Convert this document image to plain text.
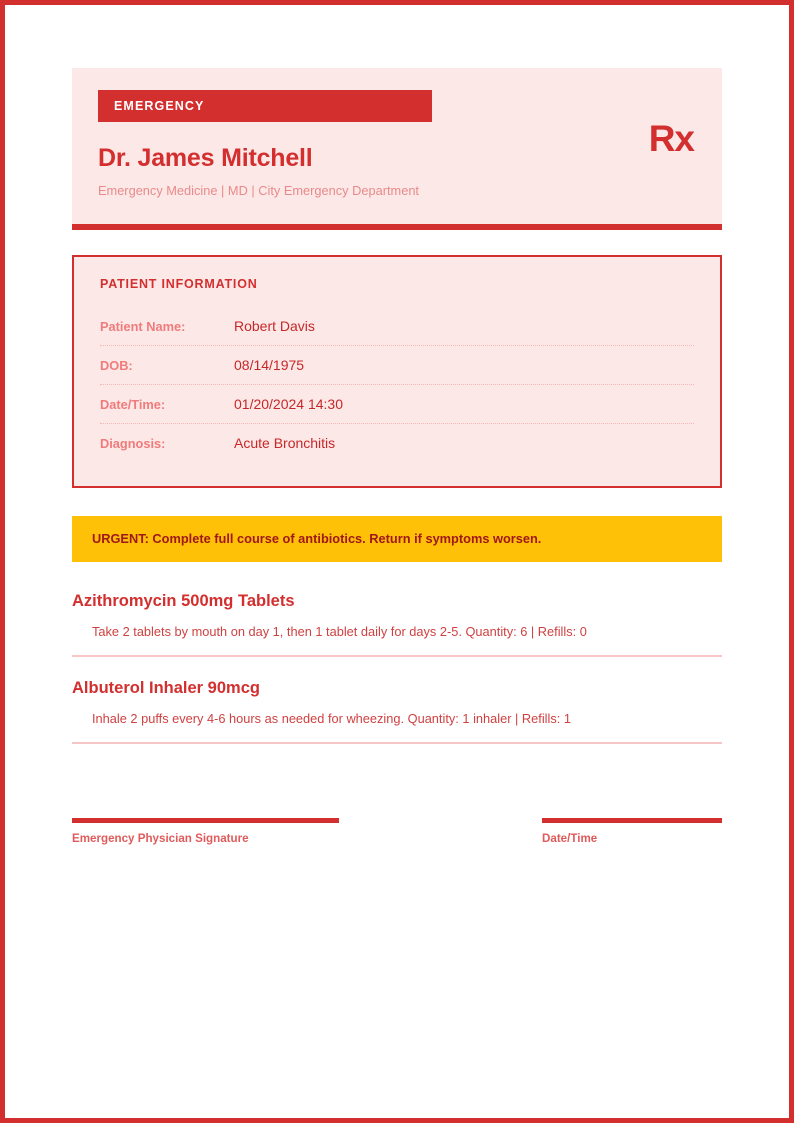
EMERGENCY
Dr. James Mitchell
Emergency Medicine | MD | City Emergency Department
Rx
PATIENT INFORMATION
Patient Name:	Robert Davis
DOB:	08/14/1975
Date/Time:	01/20/2024 14:30
Diagnosis:	Acute Bronchitis
URGENT: Complete full course of antibiotics. Return if symptoms worsen.
Azithromycin 500mg Tablets
Take 2 tablets by mouth on day 1, then 1 tablet daily for days 2-5. Quantity: 6 | Refills: 0
Albuterol Inhaler 90mcg
Inhale 2 puffs every 4-6 hours as needed for wheezing. Quantity: 1 inhaler | Refills: 1
Emergency Physician Signature	Date/Time
